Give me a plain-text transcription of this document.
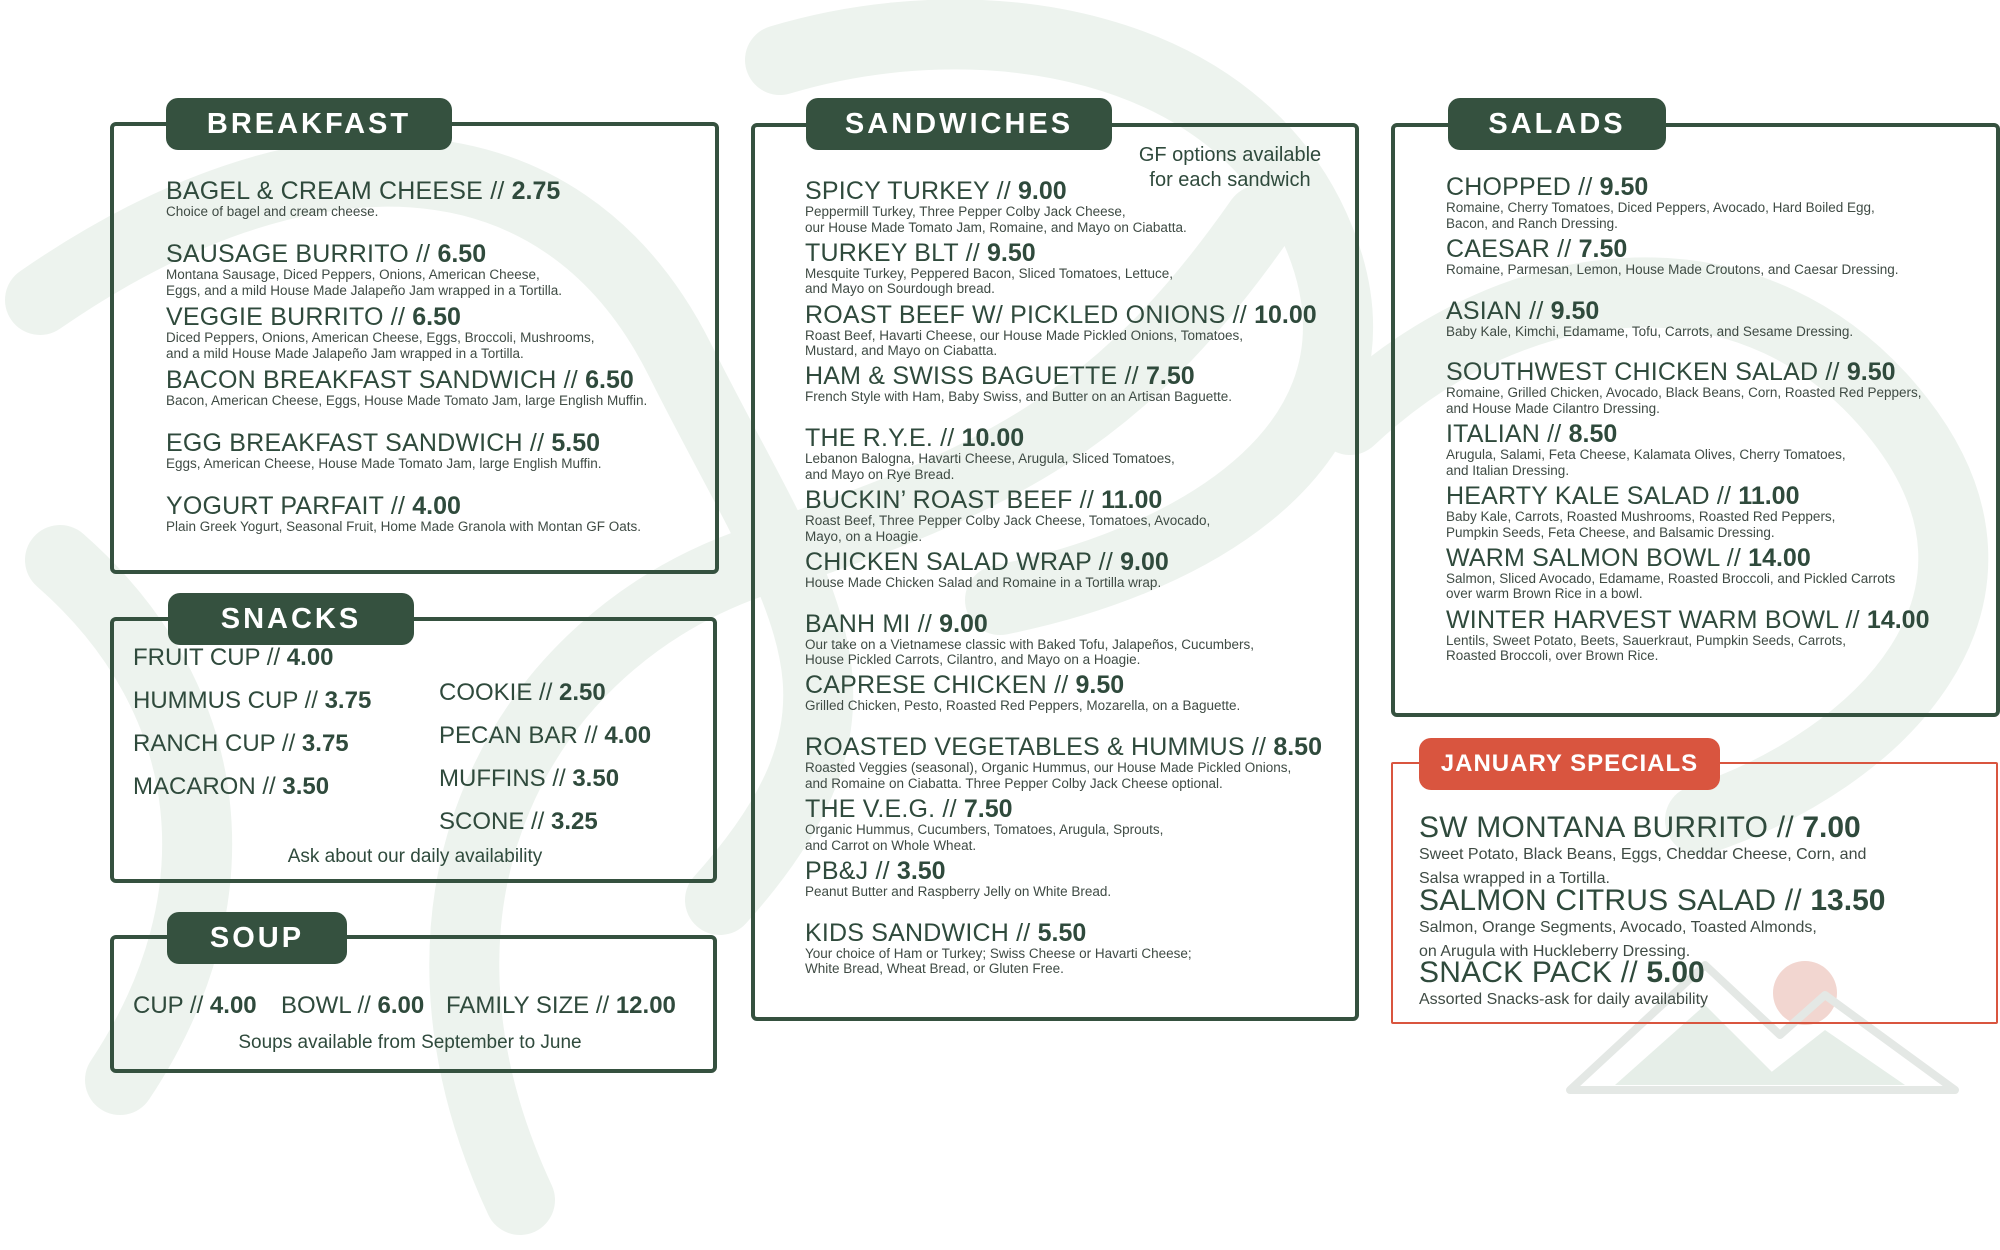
BREAKFAST
BAGEL & CREAM CHEESE // 2.75
Choice of bagel and cream cheese.
SAUSAGE BURRITO // 6.50
Montana Sausage, Diced Peppers, Onions, American Cheese,
Eggs, and a mild House Made Jalapeño Jam wrapped in a Tortilla.
VEGGIE BURRITO // 6.50
Diced Peppers, Onions, American Cheese, Eggs, Broccoli, Mushrooms,
and a mild House Made Jalapeño Jam wrapped in a Tortilla.
BACON BREAKFAST SANDWICH // 6.50
Bacon, American Cheese, Eggs, House Made Tomato Jam, large English Muffin.
EGG BREAKFAST SANDWICH // 5.50
Eggs, American Cheese, House Made Tomato Jam, large English Muffin.
YOGURT PARFAIT // 4.00
Plain Greek Yogurt, Seasonal Fruit, Home Made Granola with Montan GF Oats.
SNACKS
FRUIT CUP // 4.00
HUMMUS CUP // 3.75
RANCH CUP // 3.75
MACARON // 3.50
COOKIE // 2.50
PECAN BAR // 4.00
MUFFINS // 3.50
SCONE // 3.25
Ask about our daily availability
SOUP
CUP // 4.00 BOWL // 6.00 FAMILY SIZE // 12.00
Soups available from September to June
SANDWICHES
GF options available
for each sandwich
SPICY TURKEY // 9.00
Peppermill Turkey, Three Pepper Colby Jack Cheese,
our House Made Tomato Jam, Romaine, and Mayo on Ciabatta.
TURKEY BLT // 9.50
Mesquite Turkey, Peppered Bacon, Sliced Tomatoes, Lettuce,
and Mayo on Sourdough bread.
ROAST BEEF W/ PICKLED ONIONS // 10.00
Roast Beef, Havarti Cheese, our House Made Pickled Onions, Tomatoes,
Mustard, and Mayo on Ciabatta.
HAM & SWISS BAGUETTE // 7.50
French Style with Ham, Baby Swiss, and Butter on an Artisan Baguette.
THE R.Y.E. // 10.00
Lebanon Balogna, Havarti Cheese, Arugula, Sliced Tomatoes,
and Mayo on Rye Bread.
BUCKIN’ ROAST BEEF // 11.00
Roast Beef, Three Pepper Colby Jack Cheese, Tomatoes, Avocado,
Mayo, on a Hoagie.
CHICKEN SALAD WRAP // 9.00
House Made Chicken Salad and Romaine in a Tortilla wrap.
BANH MI // 9.00
Our take on a Vietnamese classic with Baked Tofu, Jalapeños, Cucumbers,
House Pickled Carrots, Cilantro, and Mayo on a Hoagie.
CAPRESE CHICKEN // 9.50
Grilled Chicken, Pesto, Roasted Red Peppers, Mozarella, on a Baguette.
ROASTED VEGETABLES & HUMMUS // 8.50
Roasted Veggies (seasonal), Organic Hummus, our House Made Pickled Onions,
and Romaine on Ciabatta. Three Pepper Colby Jack Cheese optional.
THE V.E.G. // 7.50
Organic Hummus, Cucumbers, Tomatoes, Arugula, Sprouts,
and Carrot on Whole Wheat.
PB&J // 3.50
Peanut Butter and Raspberry Jelly on White Bread.
KIDS SANDWICH // 5.50
Your choice of Ham or Turkey; Swiss Cheese or Havarti Cheese;
White Bread, Wheat Bread, or Gluten Free.
SALADS
CHOPPED // 9.50
Romaine, Cherry Tomatoes, Diced Peppers, Avocado, Hard Boiled Egg,
Bacon, and Ranch Dressing.
CAESAR // 7.50
Romaine, Parmesan, Lemon, House Made Croutons, and Caesar Dressing.
ASIAN // 9.50
Baby Kale, Kimchi, Edamame, Tofu, Carrots, and Sesame Dressing.
SOUTHWEST CHICKEN SALAD // 9.50
Romaine, Grilled Chicken, Avocado, Black Beans, Corn, Roasted Red Peppers,
and House Made Cilantro Dressing.
ITALIAN // 8.50
Arugula, Salami, Feta Cheese, Kalamata Olives, Cherry Tomatoes,
and Italian Dressing.
HEARTY KALE SALAD // 11.00
Baby Kale, Carrots, Roasted Mushrooms, Roasted Red Peppers,
Pumpkin Seeds, Feta Cheese, and Balsamic Dressing.
WARM SALMON BOWL // 14.00
Salmon, Sliced Avocado, Edamame, Roasted Broccoli, and Pickled Carrots
over warm Brown Rice in a bowl.
WINTER HARVEST WARM BOWL // 14.00
Lentils, Sweet Potato, Beets, Sauerkraut, Pumpkin Seeds, Carrots,
Roasted Broccoli, over Brown Rice.
JANUARY SPECIALS
SW MONTANA BURRITO // 7.00
Sweet Potato, Black Beans, Eggs, Cheddar Cheese, Corn, and
Salsa wrapped in a Tortilla.
SALMON CITRUS SALAD // 13.50
Salmon, Orange Segments, Avocado, Toasted Almonds,
on Arugula with Huckleberry Dressing.
SNACK PACK // 5.00
Assorted Snacks-ask for daily availability
